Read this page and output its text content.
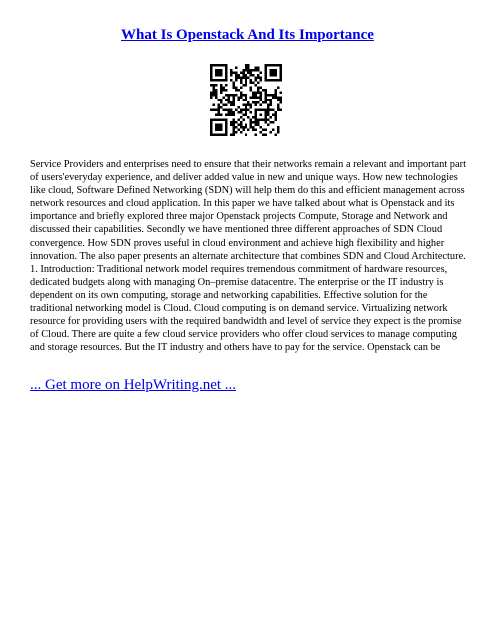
What Is Openstack And Its Importance
Service Providers and enterprises need to ensure that their networks remain a relevant and important part of users'everyday experience, and deliver added value in new and unique ways. How new technologies like cloud, Software Defined Networking (SDN) will help them do this and efficient management across network resources and cloud application. In this paper we have talked about what is Openstack and its importance and briefly explored three major Openstack projects Compute, Storage and Network and discussed their capabilities. Secondly we have mentioned three different approaches of SDN Cloud convergence. How SDN proves useful in cloud environment and achieve high flexibility and higher innovation. The also paper presents an alternate architecture that combines SDN and Cloud Architecture. 1. Introduction: Traditional network model requires tremendous commitment of hardware resources, dedicated budgets along with managing On–premise datacentre. The enterprise or the IT industry is dependent on its own computing, storage and networking capabilities. Effective solution for the traditional networking model is Cloud. Cloud computing is on demand service. Virtualizing network resource for providing users with the required bandwidth and level of service they expect is the promise of Cloud. There are quite a few cloud service providers who offer cloud services to manage computing and storage resources. But the IT industry and others have to pay for the service. Openstack can be
... Get more on HelpWriting.net ...
